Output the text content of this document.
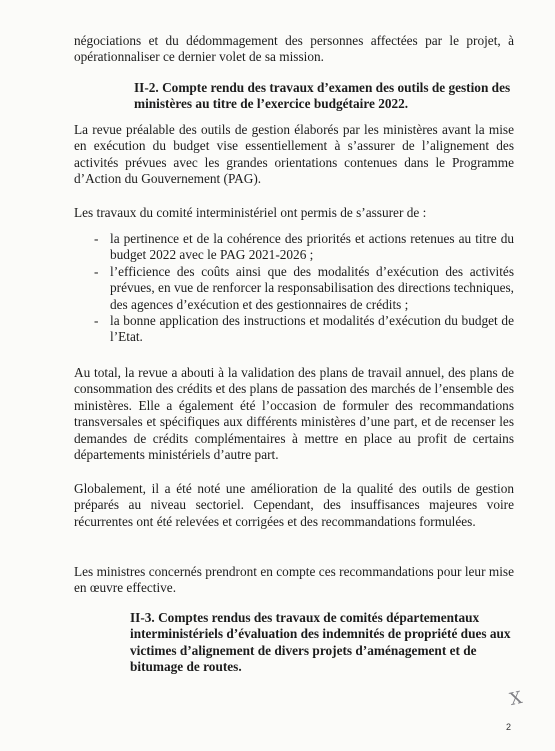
négociations et du dédommagement des personnes affectées par le projet, à opérationnaliser ce dernier volet de sa mission.

II-2. Compte rendu des travaux d’examen des outils de gestion des ministères au titre de l’exercice budgétaire 2022.

La revue préalable des outils de gestion élaborés par les ministères avant la mise en exécution du budget vise essentiellement à s’assurer de l’alignement des activités prévues avec les grandes orientations contenues dans le Programme d’Action du Gouvernement (PAG).

Les travaux du comité interministériel ont permis de s’assurer de :

- la pertinence et de la cohérence des priorités et actions retenues au titre du budget 2022 avec le PAG 2021-2026 ;
- l’efficience des coûts ainsi que des modalités d’exécution des activités prévues, en vue de renforcer la responsabilisation des directions techniques, des agences d’exécution et des gestionnaires de crédits ;
- la bonne application des instructions et modalités d’exécution du budget de l’Etat.

Au total, la revue a abouti à la validation des plans de travail annuel, des plans de consommation des crédits et des plans de passation des marchés de l’ensemble des ministères. Elle a également été l’occasion de formuler des recommandations transversales et spécifiques aux différents ministères d’une part, et de recenser les demandes de crédits complémentaires à mettre en place au profit de certains départements ministériels d’autre part.

Globalement, il a été noté une amélioration de la qualité des outils de gestion préparés au niveau sectoriel. Cependant, des insuffisances majeures voire récurrentes ont été relevées et corrigées et des recommandations formulées.

Les ministres concernés prendront en compte ces recommandations pour leur mise en œuvre effective.

II-3. Comptes rendus des travaux de comités départementaux interministériels d’évaluation des indemnités de propriété dues aux victimes d’alignement de divers projets d’aménagement et de bitumage de routes.

X
2
